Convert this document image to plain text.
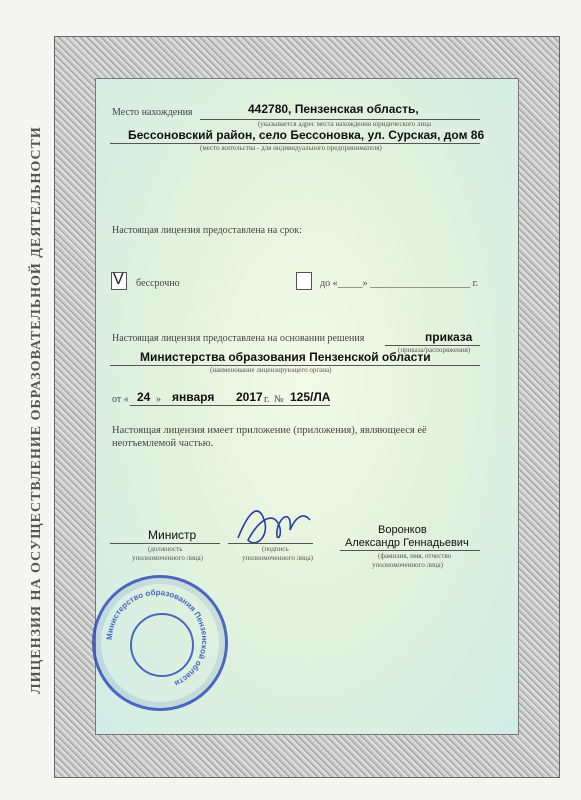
ЛИЦЕНЗИЯ НА ОСУЩЕСТВЛЕНИЕ ОБРАЗОВАТЕЛЬНОЙ ДЕЯТЕЛЬНОСТИ
Место нахождения	442780, Пензенская область,
(указывается адрес места нахождения юридического лица
Бессоновский район, село Бессоновка, ул. Сурская, дом 86
(место жительства - для индивидуального предпринимателя)
Настоящая лицензия предоставлена на срок:
V бессрочно	до «_____» ____________________ г.
Настоящая лицензия предоставлена на основании решения	приказа
(приказа/распоряжения)
Министерства образования Пензенской области
(наименование лицензирующего органа)
от « 24 » января 2017 г. № 125/ЛА
Настоящая лицензия имеет приложение (приложения), являющееся её
неотъемлемой частью.
Министр
(должность
уполномоченного лица)
(подпись
уполномоченного лица)
Воронков
Александр Геннадьевич
(фамилия, имя, отчество
уполномоченного лица)
Министерство образования Пензенской области
